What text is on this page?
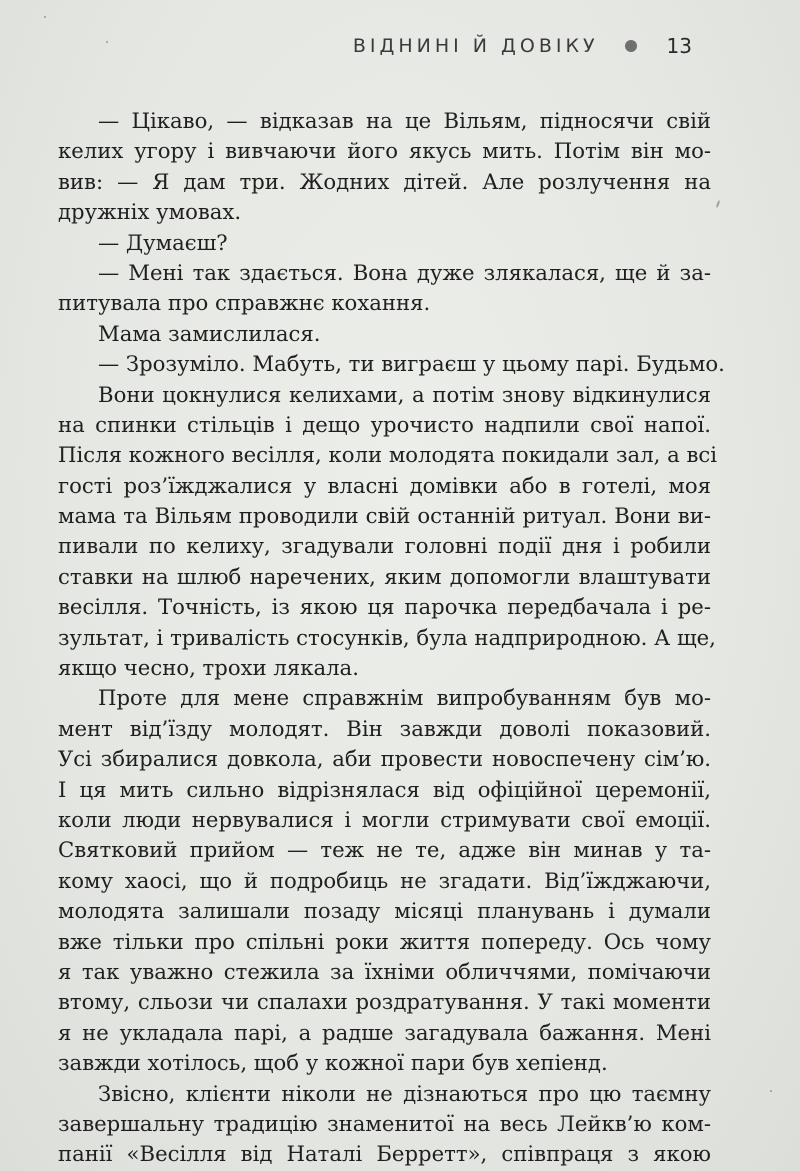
ВІДНИНІ Й ДОВІКУ	13
— Цікаво, — відказав на це Вільям, підносячи свій
келих угору і вивчаючи його якусь мить. Потім він мо-
вив: — Я дам три. Жодних дітей. Але розлучення на
дружніх умовах.
— Думаєш?
— Мені так здається. Вона дуже злякалася, ще й за-
питувала про справжнє кохання.
Мама замислилася.
— Зрозуміло. Мабуть, ти виграєш у цьому парі. Будьмо.
Вони цокнулися келихами, а потім знову відкинулися
на спинки стільців і дещо урочисто надпили свої напої.
Після кожного весілля, коли молодята покидали зал, а всі
гості роз’їжджалися у власні домівки або в готелі, моя
мама та Вільям проводили свій останній ритуал. Вони ви-
пивали по келиху, згадували головні події дня і робили
ставки на шлюб наречених, яким допомогли влаштувати
весілля. Точність, із якою ця парочка передбачала і ре-
зультат, і тривалість стосунків, була надприродною. А ще,
якщо чесно, трохи лякала.
Проте для мене справжнім випробуванням був мо-
мент від’їзду молодят. Він завжди доволі показовий.
Усі збиралися довкола, аби провести новоспечену сім’ю.
І ця мить сильно відрізнялася від офіційної церемонії,
коли люди нервувалися і могли стримувати свої емоції.
Святковий прийом — теж не те, адже він минав у та-
кому хаосі, що й подробиць не згадати. Від’їжджаючи,
молодята залишали позаду місяці планувань і думали
вже тільки про спільні роки життя попереду. Ось чому
я так уважно стежила за їхніми обличчями, помічаючи
втому, сльози чи спалахи роздратування. У такі моменти
я не укладала парі, а радше загадувала бажання. Мені
завжди хотілось, щоб у кожної пари був хепіенд.
Звісно, клієнти ніколи не дізнаються про цю таємну
завершальну традицію знаменитої на весь Лейкв’ю ком-
панії «Весілля від Наталі Берретт», співпраця з якою
